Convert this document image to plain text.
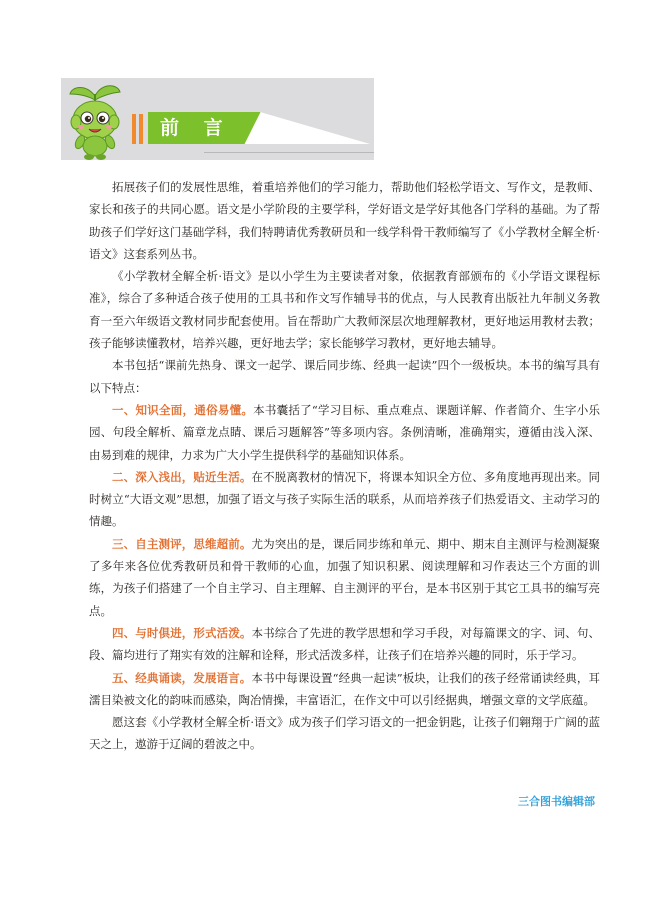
前 言

拓展孩子们的发展性思维，着重培养他们的学习能力，帮助他们轻松学语文、写作文，是教师、家长和孩子的共同心愿。语文是小学阶段的主要学科，学好语文是学好其他各门学科的基础。为了帮助孩子们学好这门基础学科，我们特聘请优秀教研员和一线学科骨干教师编写了《小学教材全解全析·语文》这套系列丛书。

《小学教材全解全析·语文》是以小学生为主要读者对象，依据教育部颁布的《小学语文课程标准》，综合了多种适合孩子使用的工具书和作文写作辅导书的优点，与人民教育出版社九年制义务教育一至六年级语文教材同步配套使用。旨在帮助广大教师深层次地理解教材，更好地运用教材去教；孩子能够读懂教材，培养兴趣，更好地去学；家长能够学习教材，更好地去辅导。

本书包括“课前先热身、课文一起学、课后同步练、经典一起读”四个一级板块。本书的编写具有以下特点：

一、知识全面，通俗易懂。本书囊括了“学习目标、重点难点、课题详解、作者简介、生字小乐园、句段全解析、篇章龙点睛、课后习题解答”等多项内容。条例清晰，准确翔实，遵循由浅入深、由易到难的规律，力求为广大小学生提供科学的基础知识体系。

二、深入浅出，贴近生活。在不脱离教材的情况下，将课本知识全方位、多角度地再现出来。同时树立“大语文观”思想，加强了语文与孩子实际生活的联系，从而培养孩子们热爱语文、主动学习的情趣。

三、自主测评，思维超前。尤为突出的是，课后同步练和单元、期中、期末自主测评与检测凝聚了多年来各位优秀教研员和骨干教师的心血，加强了知识积累、阅读理解和习作表达三个方面的训练，为孩子们搭建了一个自主学习、自主理解、自主测评的平台，是本书区别于其它工具书的编写亮点。

四、与时俱进，形式活泼。本书综合了先进的教学思想和学习手段，对每篇课文的字、词、句、段、篇均进行了翔实有效的注解和诠释，形式活泼多样，让孩子们在培养兴趣的同时，乐于学习。

五、经典诵读，发展语言。本书中每课设置“经典一起读”板块，让我们的孩子经常诵读经典，耳濡目染被文化的韵味而感染，陶冶情操，丰富语汇，在作文中可以引经据典，增强文章的文学底蕴。

愿这套《小学教材全解全析·语文》成为孩子们学习语文的一把金钥匙，让孩子们翱翔于广阔的蓝天之上，遨游于辽阔的碧波之中。

三合图书编辑部
